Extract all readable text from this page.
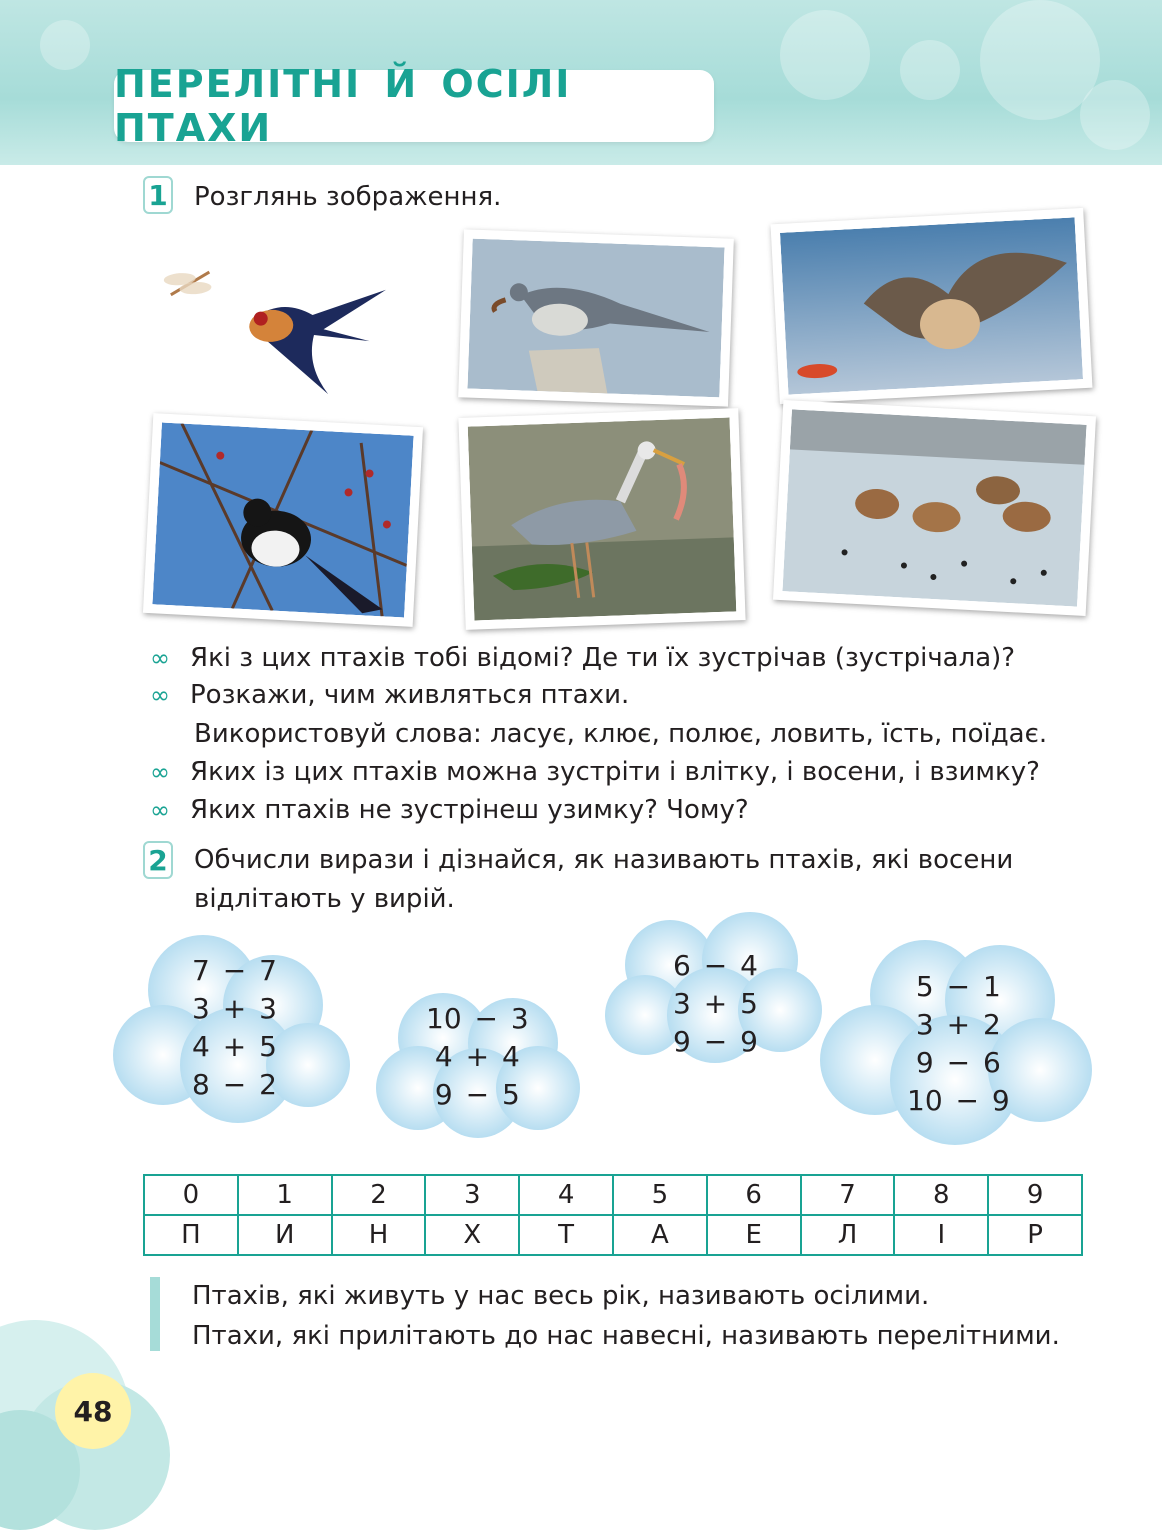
ПЕРЕЛІТНІ Й ОСІЛІ ПТАХИ
1 Розглянь зображення.
∞ Які з цих птахів тобі відомі? Де ти їх зустрічав (зустрічала)?
∞ Розкажи, чим живляться птахи.
Використовуй слова: ласує, клює, полює, ловить, їсть, поїдає.
∞ Яких із цих птахів можна зустріти і влітку, і восени, і взимку?
∞ Яких птахів не зустрінеш узимку? Чому?
2 Обчисли вирази і дізнайся, як називають птахів, які восени
відлітають у вирій.
7 − 7
3 + 3
4 + 5
8 − 2
10 − 3
4 + 4
9 − 5
6 − 4
3 + 5
9 − 9
5 − 1
3 + 2
9 − 6
10 − 9
0	1	2	3	4	5	6	7	8	9
П	И	Н	Х	Т	А	Е	Л	І	Р
Птахів, які живуть у нас весь рік, називають осілими.
Птахи, які прилітають до нас навесні, називають перелітними.
48
